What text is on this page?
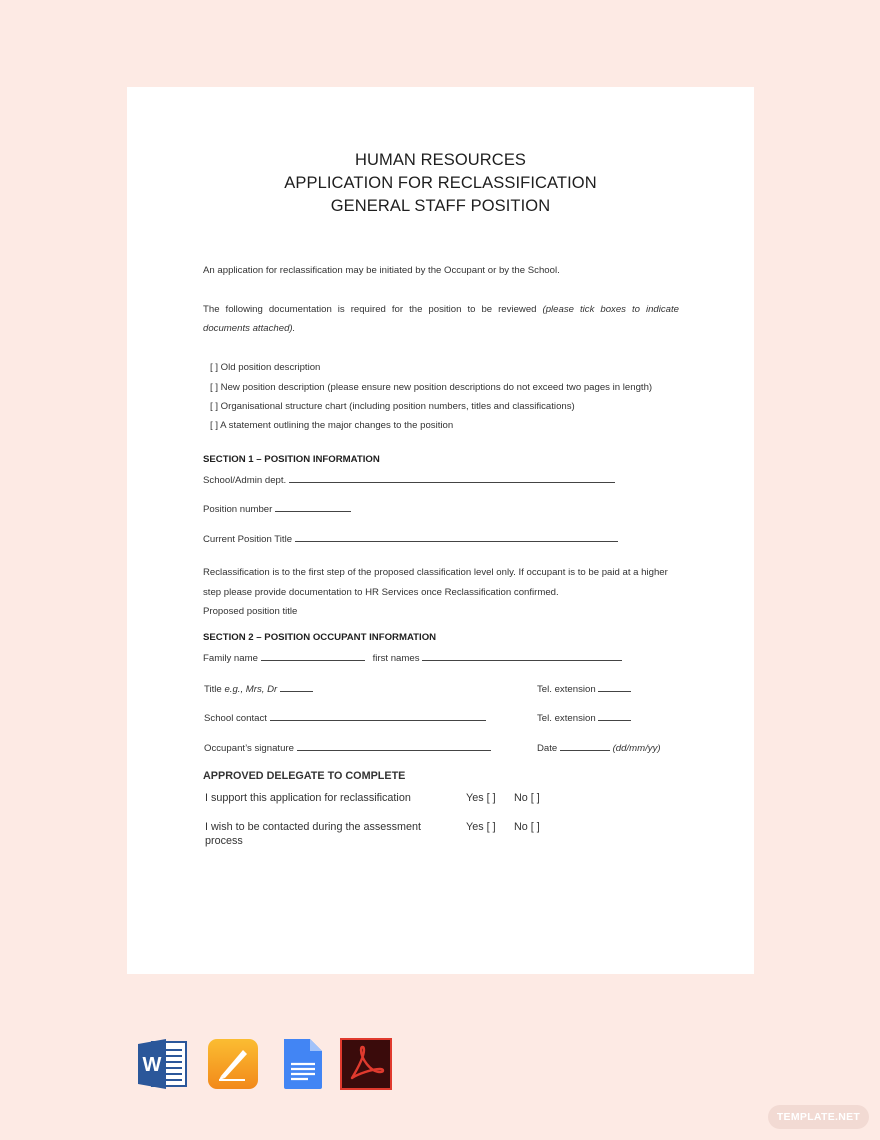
HUMAN RESOURCES
APPLICATION FOR RECLASSIFICATION
GENERAL STAFF POSITION
An application for reclassification may be initiated by the Occupant or by the School.
The following documentation is required for the position to be reviewed (please tick boxes to indicate
documents attached).
[ ] Old position description
[ ] New position description (please ensure new position descriptions do not exceed two pages in length)
[ ] Organisational structure chart (including position numbers, titles and classifications)
[ ] A statement outlining the major changes to the position
SECTION 1 – POSITION INFORMATION
School/Admin dept.
Position number
Current Position Title
Reclassification is to the first step of the proposed classification level only. If occupant is to be paid at a higher
step please provide documentation to HR Services once Reclassification confirmed.
Proposed position title
SECTION 2 – POSITION OCCUPANT INFORMATION
Family name	first names
Title e.g., Mrs, Dr	Tel. extension
School contact	Tel. extension
Occupant’s signature	Date	(dd/mm/yy)
APPROVED DELEGATE TO COMPLETE
I support this application for reclassification	Yes [ ] No [ ]
I wish to be contacted during the assessment
process
Yes [ ] No [ ]
W
TEMPLATE.NET
